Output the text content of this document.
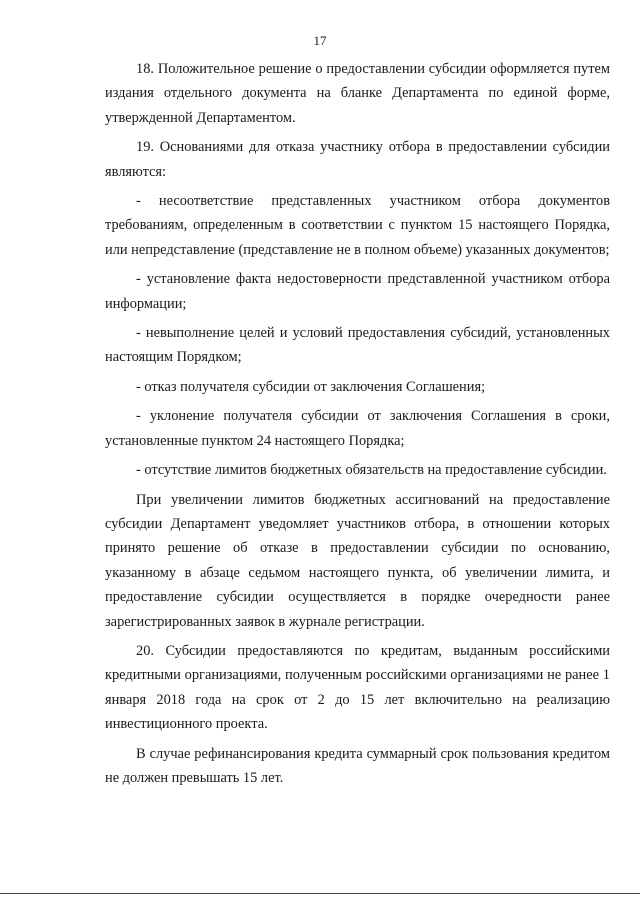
17

18. Положительное решение о предоставлении субсидии оформляется путем издания отдельного документа на бланке Департамента по единой форме, утвержденной Департаментом.

19. Основаниями для отказа участнику отбора в предоставлении субсидии являются:

- несоответствие представленных участником отбора документов требованиям, определенным в соответствии с пунктом 15 настоящего Порядка, или непредставление (представление не в полном объеме) указанных документов;

- установление факта недостоверности представленной участником отбора информации;

- невыполнение целей и условий предоставления субсидий, установленных настоящим Порядком;

- отказ получателя субсидии от заключения Соглашения;

- уклонение получателя субсидии от заключения Соглашения в сроки, установленные пунктом 24 настоящего Порядка;

- отсутствие лимитов бюджетных обязательств на предоставление субсидии.

При увеличении лимитов бюджетных ассигнований на предоставление субсидии Департамент уведомляет участников отбора, в отношении которых принято решение об отказе в предоставлении субсидии по основанию, указанному в абзаце седьмом настоящего пункта, об увеличении лимита, и предоставление субсидии осуществляется в порядке очередности ранее зарегистрированных заявок в журнале регистрации.

20. Субсидии предоставляются по кредитам, выданным российскими кредитными организациями, полученным российскими организациями не ранее 1 января 2018 года на срок от 2 до 15 лет включительно на реализацию инвестиционного проекта.

В случае рефинансирования кредита суммарный срок пользования кредитом не должен превышать 15 лет.
